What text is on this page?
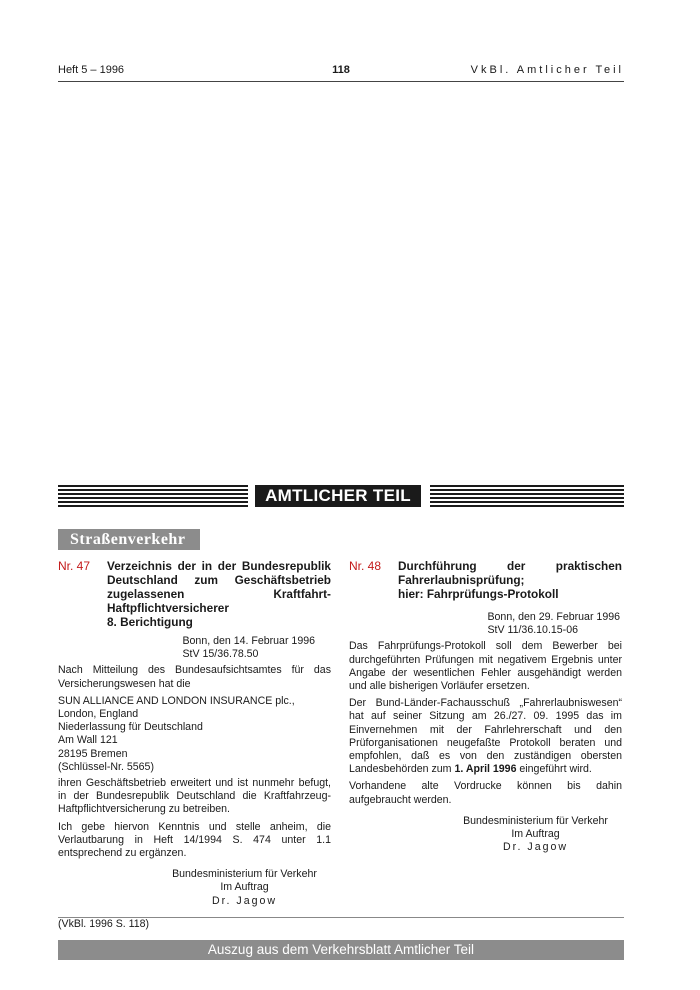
Heft 5 – 1996	118	VkBl. Amtlicher Teil
AMTLICHER TEIL
Straßenverkehr
Nr. 47	Verzeichnis der in der Bundesrepublik Deutschland zum Geschäftsbetrieb zugelassenen Kraftfahrt-Haftpflichtversicherer
8. Berichtigung
Bonn, den 14. Februar 1996
StV 15/36.78.50

Nach Mitteilung des Bundesaufsichtsamtes für das Versicherungswesen hat die

SUN ALLIANCE AND LONDON INSURANCE plc.,
London, England
Niederlassung für Deutschland
Am Wall 121
28195 Bremen
(Schlüssel-Nr. 5565)

ihren Geschäftsbetrieb erweitert und ist nunmehr befugt, in der Bundesrepublik Deutschland die Kraftfahrzeug-Haftpflichtversicherung zu betreiben.

Ich gebe hiervon Kenntnis und stelle anheim, die Verlautbarung in Heft 14/1994 S. 474 unter 1.1 entsprechend zu ergänzen.

Bundesministerium für Verkehr
Im Auftrag
Dr. Jagow
(VkBl. 1996 S. 118)
Nr. 48	Durchführung der praktischen Fahrerlaubnisprüfung;
hier: Fahrprüfungs-Protokoll
Bonn, den 29. Februar 1996
StV 11/36.10.15-06

Das Fahrprüfungs-Protokoll soll dem Bewerber bei durchgeführten Prüfungen mit negativem Ergebnis unter Angabe der wesentlichen Fehler ausgehändigt werden und alle bisherigen Vorläufer ersetzen.

Der Bund-Länder-Fachausschuß „Fahrerlaubniswesen“ hat auf seiner Sitzung am 26./27. 09. 1995 das im Einvernehmen mit der Fahrlehrerschaft und den Prüforganisationen neugefaßte Protokoll beraten und empfohlen, daß es von den zuständigen obersten Landesbehörden zum 1. April 1996 eingeführt wird.

Vorhandene alte Vordrucke können bis dahin aufgebraucht werden.

Bundesministerium für Verkehr
Im Auftrag
Dr. Jagow
Auszug aus dem Verkehrsblatt Amtlicher Teil
